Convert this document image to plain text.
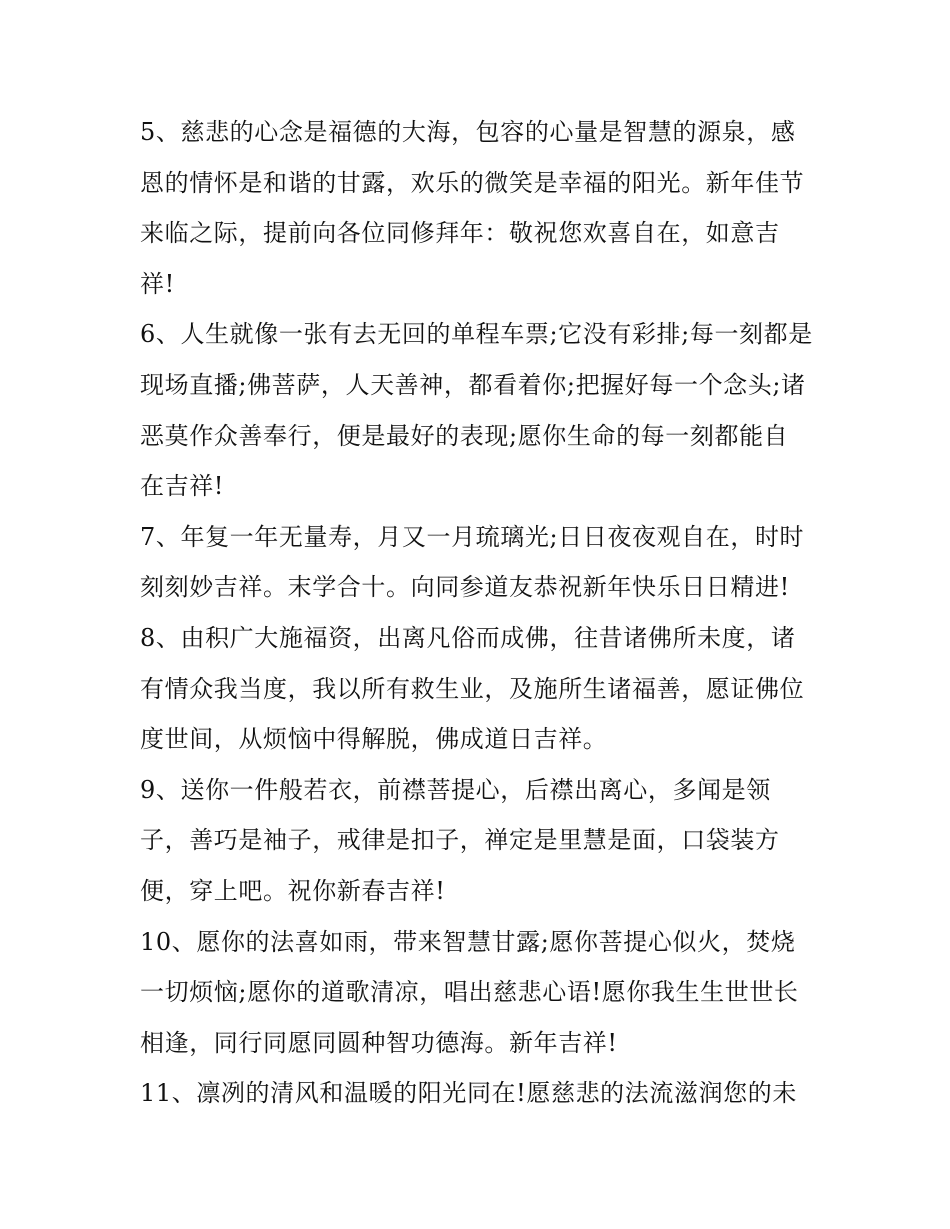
5、慈悲的心念是福德的大海，包容的心量是智慧的源泉，感
恩的情怀是和谐的甘露，欢乐的微笑是幸福的阳光。新年佳节
来临之际，提前向各位同修拜年：敬祝您欢喜自在，如意吉
祥!
6、人生就像一张有去无回的单程车票;它没有彩排;每一刻都是
现场直播;佛菩萨，人天善神，都看着你;把握好每一个念头;诸
恶莫作众善奉行，便是最好的表现;愿你生命的每一刻都能自
在吉祥!
7、年复一年无量寿，月又一月琉璃光;日日夜夜观自在，时时
刻刻妙吉祥。末学合十。向同参道友恭祝新年快乐日日精进!
8、由积广大施福资，出离凡俗而成佛，往昔诸佛所未度，诸
有情众我当度，我以所有救生业，及施所生诸福善，愿证佛位
度世间，从烦恼中得解脱，佛成道日吉祥。
9、送你一件般若衣，前襟菩提心，后襟出离心，多闻是领
子，善巧是袖子，戒律是扣子，禅定是里慧是面，口袋装方
便，穿上吧。祝你新春吉祥!
10、愿你的法喜如雨，带来智慧甘露;愿你菩提心似火，焚烧
一切烦恼;愿你的道歌清凉，唱出慈悲心语!愿你我生生世世长
相逢，同行同愿同圆种智功德海。新年吉祥!
11、凛冽的清风和温暖的阳光同在!愿慈悲的法流滋润您的未
